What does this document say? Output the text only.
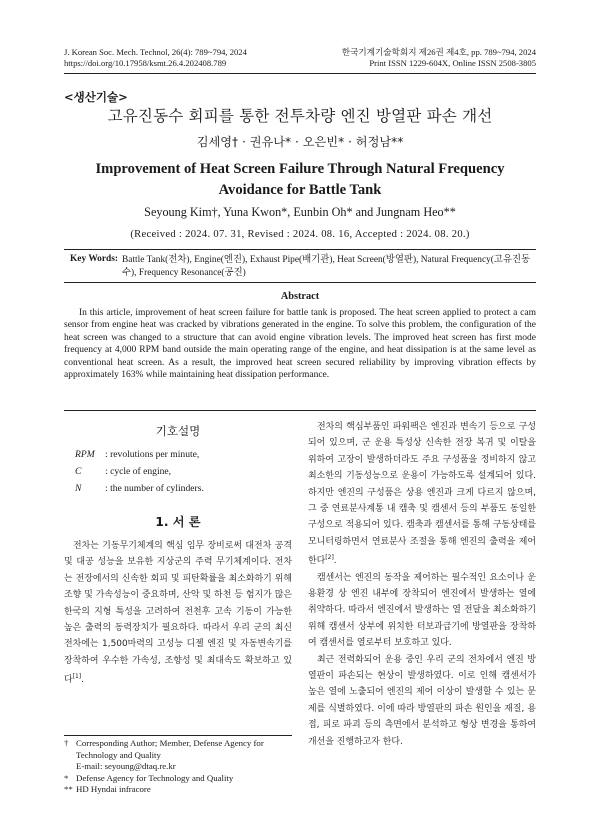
J. Korean Soc. Mech. Technol, 26(4): 789~794, 2024
https://doi.org/10.17958/ksmt.26.4.202408.789
한국기계기술학회지 제26권 제4호, pp. 789~794, 2024
Print ISSN 1229-604X, Online ISSN 2508-3805
<생산기술>
고유진동수 회피를 통한 전투차량 엔진 방열판 파손 개선
김세영† · 권유나* · 오은빈* · 허정남**
Improvement of Heat Screen Failure Through Natural Frequency Avoidance for Battle Tank
Seyoung Kim†, Yuna Kwon*, Eunbin Oh* and Jungnam Heo**
(Received : 2024. 07. 31, Revised : 2024. 08. 16, Accepted : 2024. 08. 20.)
Key Words: Battle Tank(전차), Engine(엔진), Exhaust Pipe(배기관), Heat Screen(방열판), Natural Frequency(고유진동수), Frequency Resonance(공진)
Abstract
In this article, improvement of heat screen failure for battle tank is proposed. The heat screen applied to protect a cam sensor from engine heat was cracked by vibrations generated in the engine. To solve this problem, the configuration of the heat screen was changed to a structure that can avoid engine vibration levels. The improved heat screen has first mode frequency at 4,000 RPM band outside the main operating range of the engine, and heat dissipation is at the same level as conventional heat screen. As a result, the improved heat screen secured reliability by improving vibration effects by approximately 163% while maintaining heat dissipation performance.
기호설명
RPM	: revolutions per minute,
C	: cycle of engine,
N	: the number of cylinders.
1. 서 론

전차는 기동무기체계의 핵심 임무 장비로써 대전차 공격 및 대공 성능을 보유한 지상군의 주력 무기체계이다. 전차는 전장에서의 신속한 회피 및 피탄확률을 최소화하기 위해 조향 및 가속성능이 중요하며, 산악 및 하천 등 험지가 많은 한국의 지형 특성을 고려하여 전천후 고속 기동이 가능한 높은 출력의 동력장치가 필요하다. 따라서 우리 군의 최신 전차에는 1,500마력의 고성능 디젤 엔진 및 자동변속기를 장착하여 우수한 가속성, 조향성 및 최대속도 확보하고 있다[1].

† Corresponding Author; Member, Defense Agency for Technology and Quality
E-mail: seyoung@dtaq.re.kr
* Defense Agency for Technology and Quality
** HD Hyndai infracore

전차의 핵심부품인 파워팩은 엔진과 변속기 등으로 구성되어 있으며, 군 운용 특성상 신속한 전장 복귀 및 이탈을 위하여 고장이 발생하더라도 주요 구성품을 정비하지 않고 최소한의 기동성능으로 운용이 가능하도록 설계되어 있다. 하지만 엔진의 구성품은 상용 엔진과 크게 다르지 않으며, 그 중 연료분사계통 내 캠축 및 캠센서 등의 부품도 동일한 구성으로 적용되어 있다. 캠축과 캠센서를 통해 구동상태를 모니터링하면서 연료분사 조절을 통해 엔진의 출력을 제어한다[2].

캠센서는 엔진의 동작을 제어하는 필수적인 요소이나 운용환경 상 엔진 내부에 장착되어 엔진에서 발생하는 열에 취약하다. 따라서 엔진에서 발생하는 열 전달을 최소화하기 위해 캠센서 상부에 위치한 터보과급기에 방열판을 장착하여 캠센서를 열로부터 보호하고 있다.

최근 전력화되어 운용 중인 우리 군의 전차에서 엔진 방열판이 파손되는 현상이 발생하였다. 이로 인해 캠센서가 높은 열에 노출되어 엔진의 제어 이상이 발생할 수 있는 문제를 식별하였다. 이에 따라 방열판의 파손 원인을 재질, 용접, 피로 파괴 등의 측면에서 분석하고 형상 변경을 통하여 개선을 진행하고자 한다.
